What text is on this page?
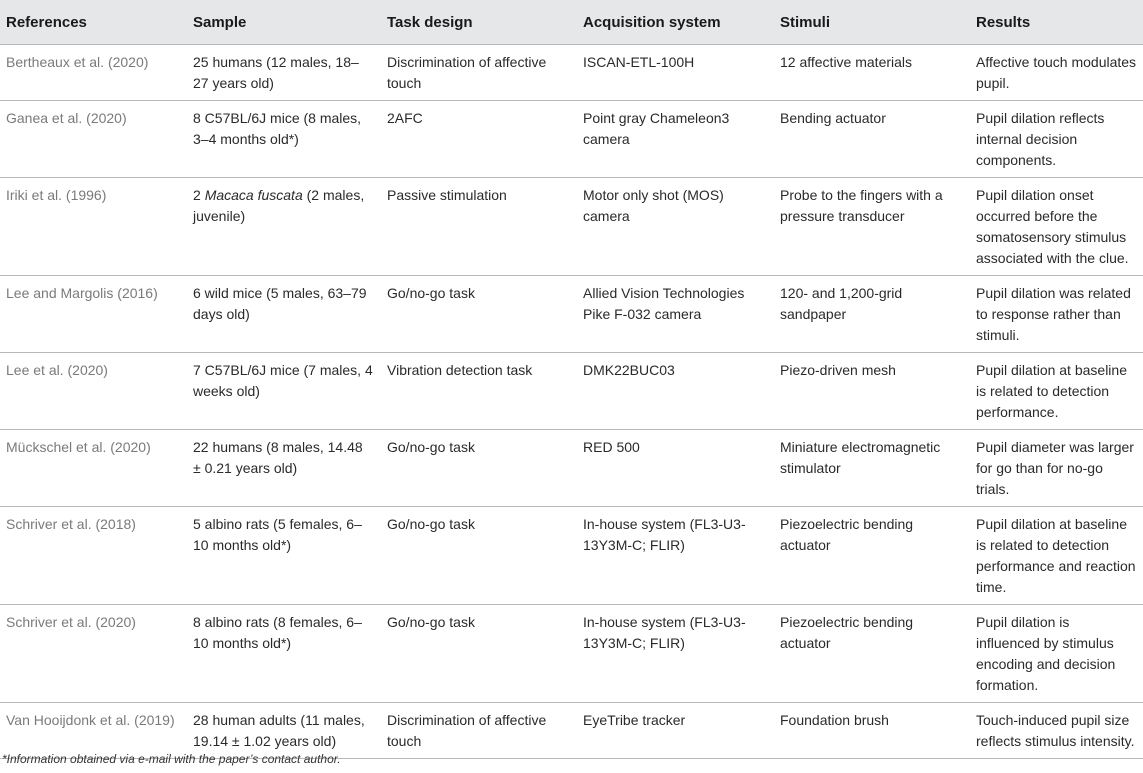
References	Sample	Task design	Acquisition system	Stimuli	Results
Bertheaux et al. (2020)	25 humans (12 males, 18–27 years old)	Discrimination of affective touch	ISCAN-ETL-100H	12 affective materials	Affective touch modulates pupil.
Ganea et al. (2020)	8 C57BL/6J mice (8 males, 3–4 months old*)	2AFC	Point gray Chameleon3 camera	Bending actuator	Pupil dilation reflects internal decision components.
Iriki et al. (1996)	2 Macaca fuscata (2 males, juvenile)	Passive stimulation	Motor only shot (MOS) camera	Probe to the fingers with a pressure transducer	Pupil dilation onset occurred before the somatosensory stimulus associated with the clue.
Lee and Margolis (2016)	6 wild mice (5 males, 63–79 days old)	Go/no-go task	Allied Vision Technologies Pike F-032 camera	120- and 1,200-grid sandpaper	Pupil dilation was related to response rather than stimuli.
Lee et al. (2020)	7 C57BL/6J mice (7 males, 4 weeks old)	Vibration detection task	DMK22BUC03	Piezo-driven mesh	Pupil dilation at baseline is related to detection performance.
Mückschel et al. (2020)	22 humans (8 males, 14.48 ± 0.21 years old)	Go/no-go task	RED 500	Miniature electromagnetic stimulator	Pupil diameter was larger for go than for no-go trials.
Schriver et al. (2018)	5 albino rats (5 females, 6–10 months old*)	Go/no-go task	In-house system (FL3-U3-13Y3M-C; FLIR)	Piezoelectric bending actuator	Pupil dilation at baseline is related to detection performance and reaction time.
Schriver et al. (2020)	8 albino rats (8 females, 6–10 months old*)	Go/no-go task	In-house system (FL3-U3-13Y3M-C; FLIR)	Piezoelectric bending actuator	Pupil dilation is influenced by stimulus encoding and decision formation.
Van Hooijdonk et al. (2019)	28 human adults (11 males, 19.14 ± 1.02 years old)	Discrimination of affective touch	EyeTribe tracker	Foundation brush	Touch-induced pupil size reflects stimulus intensity.
*Information obtained via e-mail with the paper’s contact author.
